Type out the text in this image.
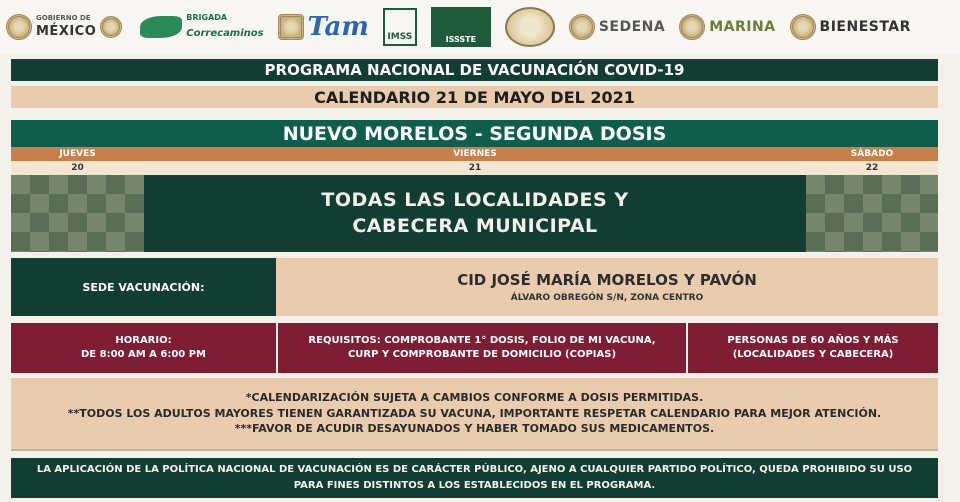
GOBIERNO DE
MÉXICO
BRIGADA
Correcaminos Tam IMSS	ISSSTE
SEDENA	MARINA	BIENESTAR
PROGRAMA NACIONAL DE VACUNACIÓN COVID-19
CALENDARIO 21 DE MAYO DEL 2021
NUEVO MORELOS - SEGUNDA DOSIS
JUEVES	VIERNES	SÁBADO
20	21	22
TODAS LAS LOCALIDADES Y CABECERA MUNICIPAL
SEDE VACUNACIÓN:	CID JOSÉ MARÍA MORELOS Y PAVÓN
ÁLVARO OBREGÓN S/N, ZONA CENTRO
HORARIO:
DE 8:00 AM A 6:00 PM
REQUISITOS: COMPROBANTE 1° DOSIS, FOLIO DE MI VACUNA, CURP Y COMPROBANTE DE DOMICILIO (COPIAS)
PERSONAS DE 60 AÑOS Y MÁS (LOCALIDADES Y CABECERA)

*CALENDARIZACIÓN SUJETA A CAMBIOS CONFORME A DOSIS PERMITIDAS.

**TODOS LOS ADULTOS MAYORES TIENEN GARANTIZADA SU VACUNA, IMPORTANTE RESPETAR CALENDARIO PARA MEJOR ATENCIÓN.

***FAVOR DE ACUDIR DESAYUNADOS Y HABER TOMADO SUS MEDICAMENTOS.

LA APLICACIÓN DE LA POLÍTICA NACIONAL DE VACUNACIÓN ES DE CARÁCTER PÚBLICO, AJENO A CUALQUIER PARTIDO POLÍTICO, QUEDA PROHIBIDO SU USO PARA FINES DISTINTOS A LOS ESTABLECIDOS EN EL PROGRAMA.
